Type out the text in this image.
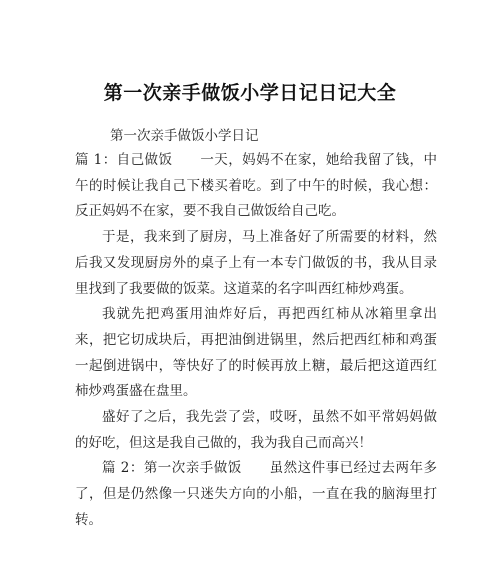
第一次亲手做饭小学日记日记大全
第一次亲手做饭小学日记

篇 1：自己做饭　　一天，妈妈不在家，她给我留了钱，中午的时候让我自己下楼买着吃。到了中午的时候，我心想：反正妈妈不在家，要不我自己做饭给自己吃。

于是，我来到了厨房，马上准备好了所需要的材料，然后我又发现厨房外的桌子上有一本专门做饭的书，我从目录里找到了我要做的饭菜。这道菜的名字叫西红柿炒鸡蛋。

我就先把鸡蛋用油炸好后，再把西红柿从冰箱里拿出来，把它切成块后，再把油倒进锅里，然后把西红柿和鸡蛋一起倒进锅中，等快好了的时候再放上糖，最后把这道西红柿炒鸡蛋盛在盘里。

盛好了之后，我先尝了尝，哎呀，虽然不如平常妈妈做的好吃，但这是我自己做的，我为我自己而高兴！

篇 2：第一次亲手做饭　　虽然这件事已经过去两年多了，但是仍然像一只迷失方向的小船，一直在我的脑海里打转。
